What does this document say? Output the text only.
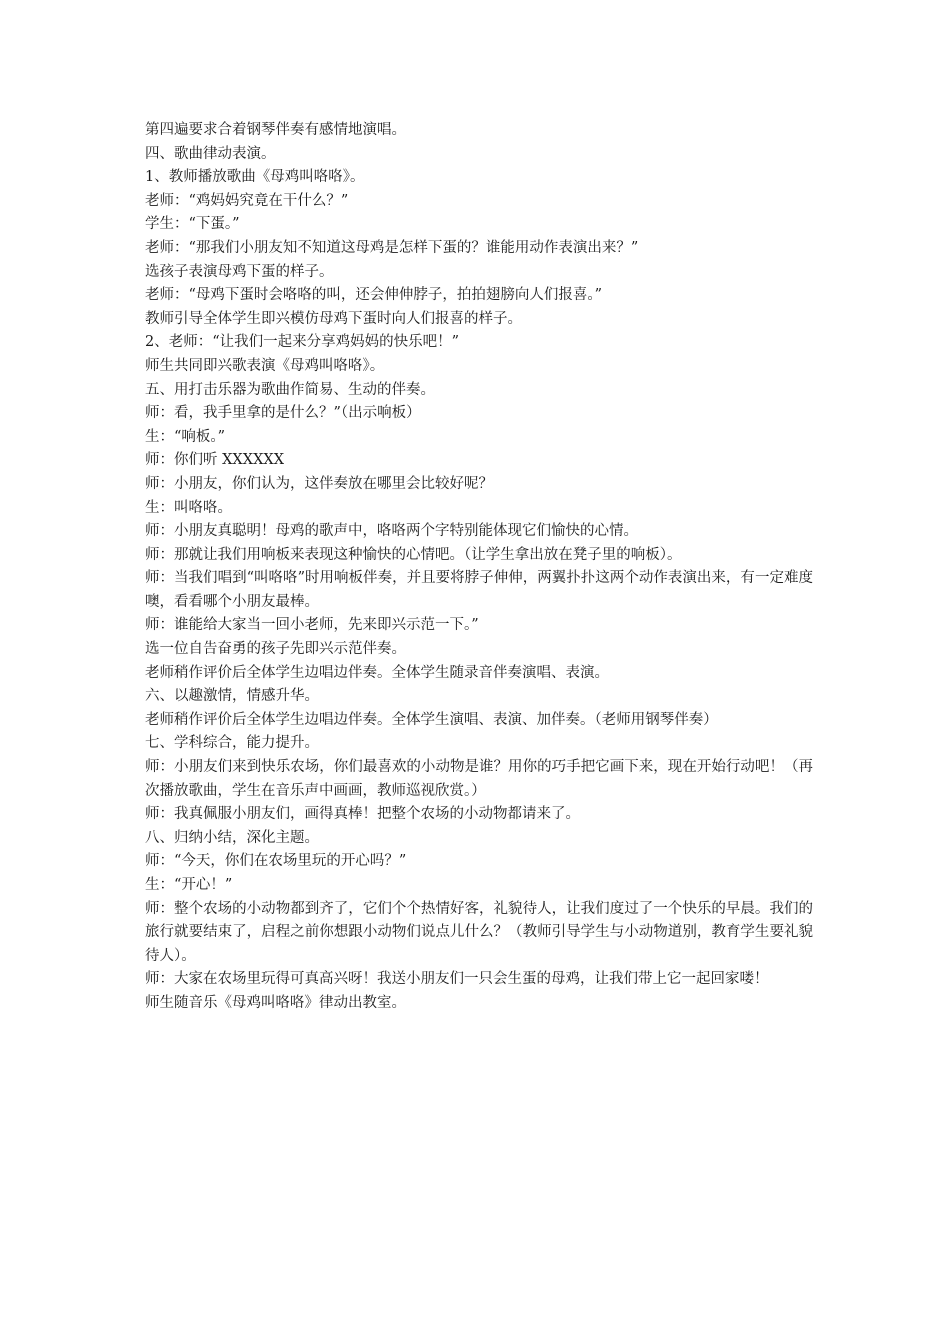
第四遍要求合着钢琴伴奏有感情地演唱。

四、歌曲律动表演。

1、教师播放歌曲《母鸡叫咯咯》。

老师：“鸡妈妈究竟在干什么？”

学生：“下蛋。”

老师：“那我们小朋友知不知道这母鸡是怎样下蛋的？谁能用动作表演出来？”

选孩子表演母鸡下蛋的样子。

老师：“母鸡下蛋时会咯咯的叫，还会伸伸脖子，拍拍翅膀向人们报喜。”

教师引导全体学生即兴模仿母鸡下蛋时向人们报喜的样子。

2、老师：“让我们一起来分享鸡妈妈的快乐吧！”

师生共同即兴歌表演《母鸡叫咯咯》。

五、用打击乐器为歌曲作简易、生动的伴奏。

师：看，我手里拿的是什么？”（出示响板）

生：“响板。”

师：你们听 XXXXXX

师：小朋友，你们认为，这伴奏放在哪里会比较好呢？

生：叫咯咯。

师：小朋友真聪明！母鸡的歌声中，咯咯两个字特别能体现它们愉快的心情。

师：那就让我们用响板来表现这种愉快的心情吧。（让学生拿出放在凳子里的响板）。

师：当我们唱到“叫咯咯”时用响板伴奏，并且要将脖子伸伸，两翼扑扑这两个动作表演出来，有一定难度噢，看看哪个小朋友最棒。

师：谁能给大家当一回小老师，先来即兴示范一下。”

选一位自告奋勇的孩子先即兴示范伴奏。

老师稍作评价后全体学生边唱边伴奏。全体学生随录音伴奏演唱、表演。

六、以趣激情，情感升华。

老师稍作评价后全体学生边唱边伴奏。全体学生演唱、表演、加伴奏。（老师用钢琴伴奏）

七、学科综合，能力提升。

师：小朋友们来到快乐农场，你们最喜欢的小动物是谁？用你的巧手把它画下来，现在开始行动吧！（再次播放歌曲，学生在音乐声中画画，教师巡视欣赏。）

师：我真佩服小朋友们，画得真棒！把整个农场的小动物都请来了。

八、归纳小结，深化主题。

师：“今天，你们在农场里玩的开心吗？”

生：“开心！”

师：整个农场的小动物都到齐了，它们个个热情好客，礼貌待人，让我们度过了一个快乐的早晨。我们的旅行就要结束了，启程之前你想跟小动物们说点儿什么？（教师引导学生与小动物道别，教育学生要礼貌待人）。

师：大家在农场里玩得可真高兴呀！我送小朋友们一只会生蛋的母鸡，让我们带上它一起回家喽！

师生随音乐《母鸡叫咯咯》律动出教室。
